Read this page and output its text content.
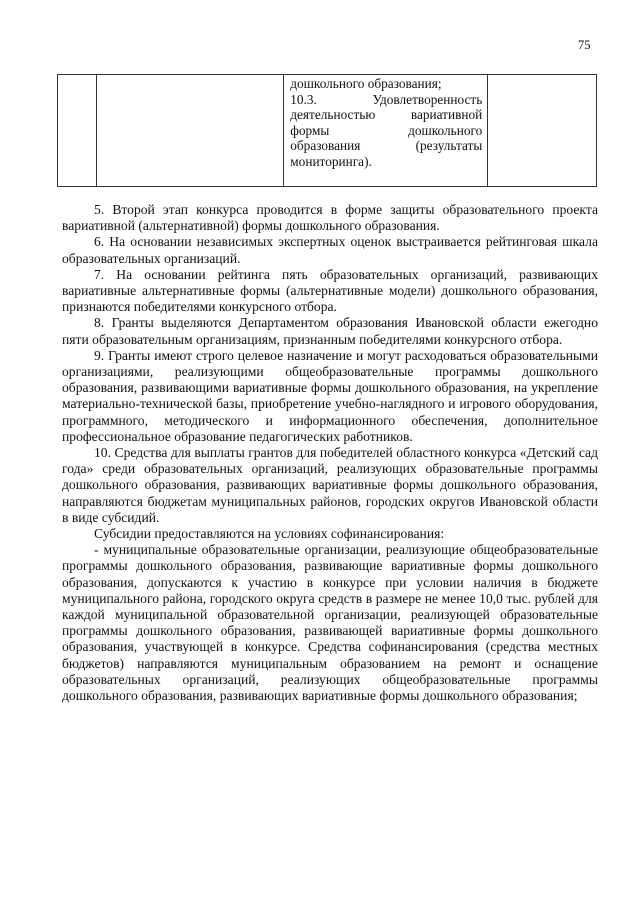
75

дошкольного образования;
10.3. Удовлетворенность
деятельностью вариативной
формы дошкольного
образования (результаты
мониторинга).

5. Второй этап конкурса проводится в форме защиты образовательного проекта вариативной (альтернативной) формы дошкольного образования.

6. На основании независимых экспертных оценок выстраивается рейтинговая шкала образовательных организаций.

7. На основании рейтинга пять образовательных организаций, развивающих вариативные альтернативные формы (альтернативные модели) дошкольного образования, признаются победителями конкурсного отбора.

8. Гранты выделяются Департаментом образования Ивановской области ежегодно пяти образовательным организациям, признанным победителями конкурсного отбора.

9. Гранты имеют строго целевое назначение и могут расходоваться образовательными организациями, реализующими общеобразовательные программы дошкольного образования, развивающими вариативные формы дошкольного образования, на укрепление материально-технической базы, приобретение учебно-наглядного и игрового оборудования, программного, методического и информационного обеспечения, дополнительное профессиональное образование педагогических работников.

10. Средства для выплаты грантов для победителей областного конкурса «Детский сад года» среди образовательных организаций, реализующих образовательные программы дошкольного образования, развивающих вариативные формы дошкольного образования, направляются бюджетам муниципальных районов, городских округов Ивановской области в виде субсидий.

Субсидии предоставляются на условиях софинансирования:

- муниципальные образовательные организации, реализующие общеобразовательные программы дошкольного образования, развивающие вариативные формы дошкольного образования, допускаются к участию в конкурсе при условии наличия в бюджете муниципального района, городского округа средств в размере не менее 10,0 тыс. рублей для каждой муниципальной образовательной организации, реализующей образовательные программы дошкольного образования, развивающей вариативные формы дошкольного образования, участвующей в конкурсе. Средства софинансирования (средства местных бюджетов) направляются муниципальным образованием на ремонт и оснащение образовательных организаций, реализующих общеобразовательные программы дошкольного образования, развивающих вариативные формы дошкольного образования;
